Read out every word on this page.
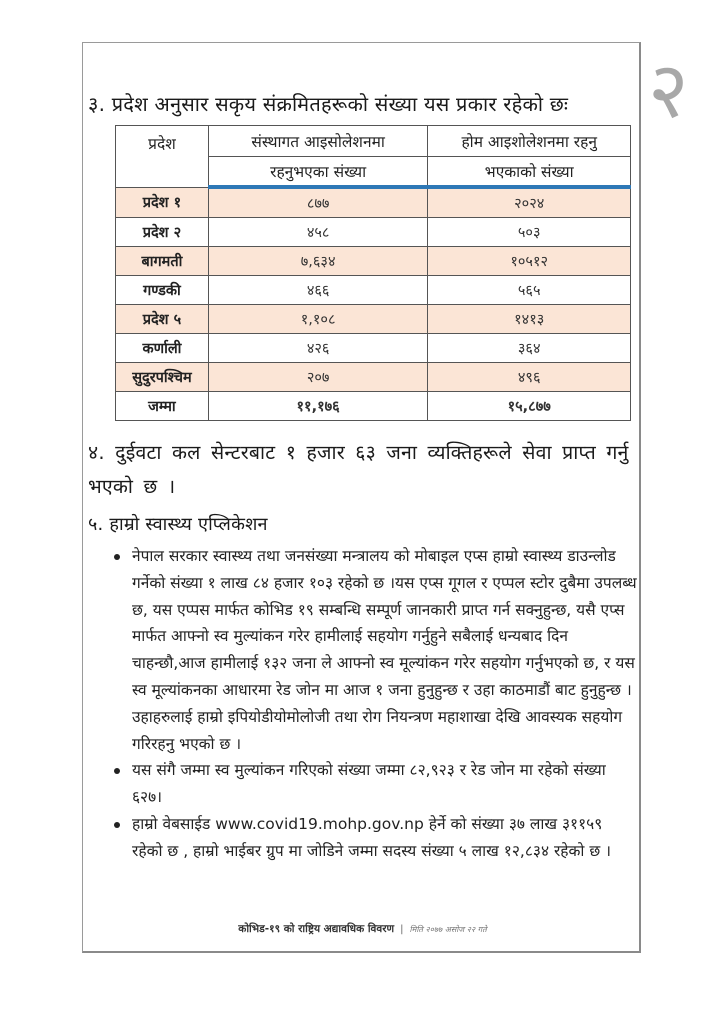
२
३. प्रदेश अनुसार सकृय संक्रमितहरूको संख्या यस प्रकार रहेको छः
प्रदेश	संस्थागत आइसोलेशनमा	होम आइशोलेशनमा रहनु
	रहनुभएका संख्या	भएकाको संख्या
प्रदेश १	८७७	२०२४
प्रदेश २	४५८	५०३
बागमती	७,६३४	१०५१२
गण्डकी	४६६	५६५
प्रदेश ५	१,१०८	१४१३
कर्णाली	४२६	३६४
सुदुरपश्चिम	२०७	४९६
जम्मा	११,१७६	१५,८७७
४. दुईवटा कल सेन्टरबाट १ हजार ६३ जना व्यक्तिहरूले सेवा प्राप्त गर्नु भएको छ ।
५. हाम्रो स्वास्थ्य एप्लिकेशन
नेपाल सरकार स्वास्थ्य तथा जनसंख्या मन्त्रालय को मोबाइल एप्स हाम्रो स्वास्थ्य डाउन्लोड गर्नेको संख्या १ लाख ८४ हजार १०३ रहेको छ ।यस एप्स गूगल र एप्पल स्टोर दुबैमा उपलब्ध छ, यस एप्पस मार्फत कोभिड १९ सम्बन्धि सम्पूर्ण जानकारी प्राप्त गर्न सक्नुहुन्छ, यसै एप्स मार्फत आफ्नो स्व मुल्यांकन गरेर हामीलाई सहयोग गर्नुहुने सबैलाई धन्यबाद दिन चाहन्छौ,आज हामीलाई १३२ जना ले आफ्नो स्व मूल्यांकन गरेर सहयोग गर्नुभएको छ, र यस स्व मूल्यांकनका आधारमा रेड जोन मा आज १ जना हुनुहुन्छ र उहा काठमाडौं बाट हुनुहुन्छ ।उहाहरुलाई हाम्रो इपियोडीयोमोलोजी तथा रोग नियन्त्रण महाशाखा देखि आवस्यक सहयोग गरिरहनु भएको छ ।
यस संगै जम्मा स्व मुल्यांकन गरिएको संख्या जम्मा ८२,९२३ र रेड जोन मा रहेको संख्या ६२७।
हाम्रो वेबसाईड www.covid19.mohp.gov.np हेर्ने को संख्या ३७ लाख ३११५९ रहेको छ , हाम्रो भाईबर ग्रुप मा जोडिने जम्मा सदस्य संख्या ५ लाख १२,८३४ रहेको छ ।
कोभिड-१९ को राष्ट्रिय अद्यावधिक विवरण | मिति २०७७ असोज २२ गते
